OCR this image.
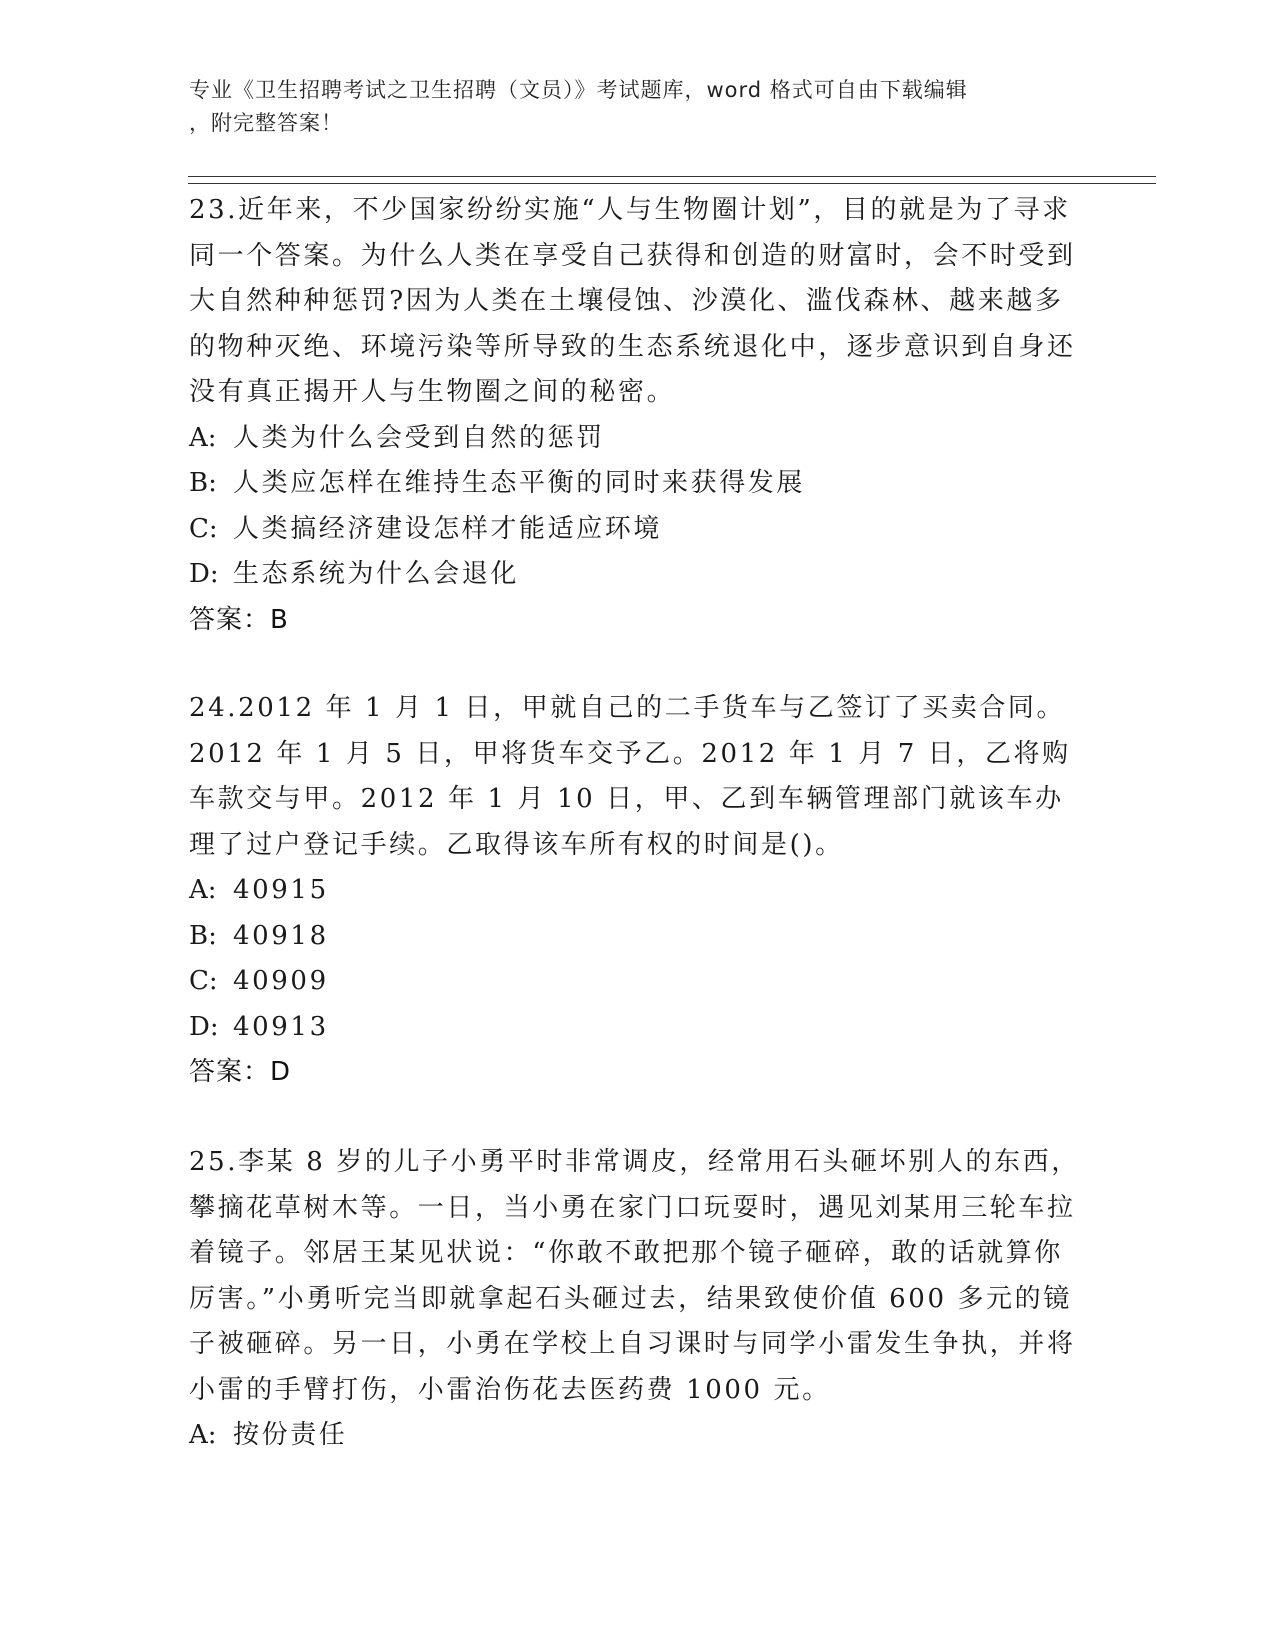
专业《卫生招聘考试之卫生招聘（文员）》考试题库，word 格式可自由下载编辑
，附完整答案！

23.近年来，不少国家纷纷实施“人与生物圈计划”，目的就是为了寻求同一个答案。为什么人类在享受自己获得和创造的财富时，会不时受到大自然种种惩罚?因为人类在土壤侵蚀、沙漠化、滥伐森林、越来越多的物种灭绝、环境污染等所导致的生态系统退化中，逐步意识到自身还没有真正揭开人与生物圈之间的秘密。

A: 人类为什么会受到自然的惩罚
B: 人类应怎样在维持生态平衡的同时来获得发展
C: 人类搞经济建设怎样才能适应环境
D: 生态系统为什么会退化

答案：B

24.2012 年 1 月 1 日，甲就自己的二手货车与乙签订了买卖合同。2012 年 1 月 5 日，甲将货车交予乙。2012 年 1 月 7 日，乙将购车款交与甲。2012 年 1 月 10 日，甲、乙到车辆管理部门就该车办理了过户登记手续。乙取得该车所有权的时间是()。

A: 40915
B: 40918
C: 40909
D: 40913

答案：D

25.李某 8 岁的儿子小勇平时非常调皮，经常用石头砸坏别人的东西，攀摘花草树木等。一日，当小勇在家门口玩耍时，遇见刘某用三轮车拉着镜子。邻居王某见状说：“你敢不敢把那个镜子砸碎，敢的话就算你厉害。”小勇听完当即就拿起石头砸过去，结果致使价值 600 多元的镜子被砸碎。另一日，小勇在学校上自习课时与同学小雷发生争执，并将小雷的手臂打伤，小雷治伤花去医药费 1000 元。

A: 按份责任
